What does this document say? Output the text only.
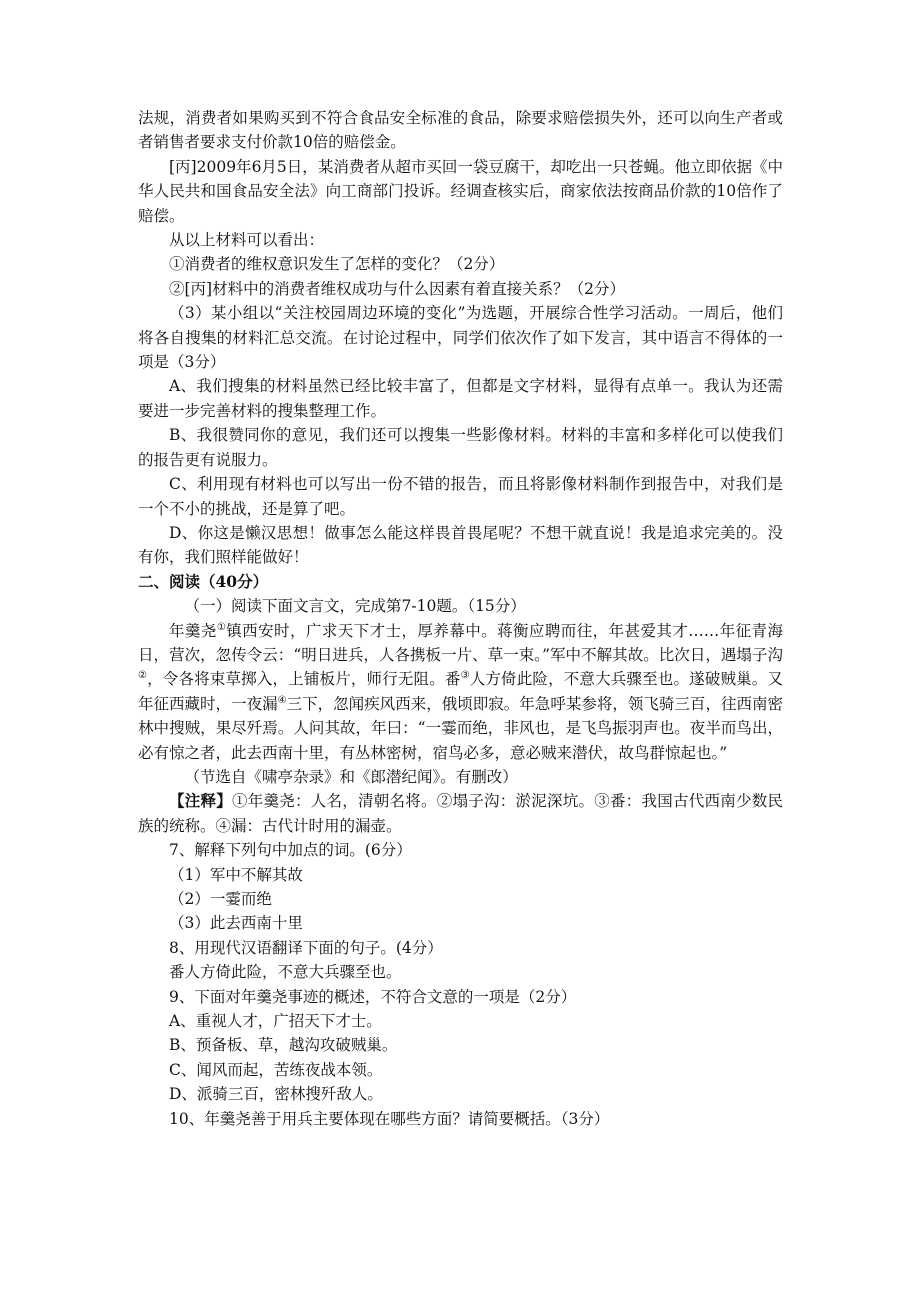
法规，消费者如果购买到不符合食品安全标准的食品，除要求赔偿损失外，还可以向生产者或者销售者要求支付价款10倍的赔偿金。

[丙]2009年6月5日，某消费者从超市买回一袋豆腐干，却吃出一只苍蝇。他立即依据《中华人民共和国食品安全法》向工商部门投诉。经调查核实后，商家依法按商品价款的10倍作了赔偿。

从以上材料可以看出：

①消费者的维权意识发生了怎样的变化？（2分）

②[丙]材料中的消费者维权成功与什么因素有着直接关系？（2分）

（3）某小组以“关注校园周边环境的变化”为选题，开展综合性学习活动。一周后，他们将各自搜集的材料汇总交流。在讨论过程中，同学们依次作了如下发言，其中语言不得体的一项是（3分）

A、我们搜集的材料虽然已经比较丰富了，但都是文字材料，显得有点单一。我认为还需要进一步完善材料的搜集整理工作。

B、我很赞同你的意见，我们还可以搜集一些影像材料。材料的丰富和多样化可以使我们的报告更有说服力。

C、利用现有材料也可以写出一份不错的报告，而且将影像材料制作到报告中，对我们是一个不小的挑战，还是算了吧。

D、你这是懒汉思想！做事怎么能这样畏首畏尾呢？不想干就直说！我是追求完美的。没有你，我们照样能做好！

二、阅读（40分）

（一）阅读下面文言文，完成第7-10题。（15分）

年羹尧①镇西安时，广求天下才士，厚养幕中。蒋衡应聘而往，年甚爱其才……年征青海日，营次，忽传令云：“明日进兵，人各携板一片、草一束。”军中不解其故。比次日，遇塌子沟②，令各将束草掷入，上铺板片，师行无阻。番③人方倚此险，不意大兵骤至也。遂破贼巢。又年征西藏时，一夜漏④三下，忽闻疾风西来，俄顷即寂。年急呼某参将，领飞骑三百，往西南密林中搜贼，果尽歼焉。人问其故，年曰：“一霎而绝，非风也，是飞鸟振羽声也。夜半而鸟出，必有惊之者，此去西南十里，有丛林密树，宿鸟必多，意必贼来潜伏，故鸟群惊起也。”

（节选自《啸亭杂录》和《郎潜纪闻》。有删改）

【注释】①年羹尧：人名，清朝名将。②塌子沟：淤泥深坑。③番：我国古代西南少数民族的统称。④漏：古代计时用的漏壶。

7、解释下列句中加点的词。(6分）

（1）军中不解其故

（2）一霎而绝

（3）此去西南十里

8、用现代汉语翻译下面的句子。(4分）

番人方倚此险，不意大兵骤至也。

9、下面对年羹尧事迹的概述，不符合文意的一项是（2分）

A、重视人才，广招天下才士。

B、预备板、草，越沟攻破贼巢。

C、闻风而起，苦练夜战本领。

D、派骑三百，密林搜歼敌人。

10、年羹尧善于用兵主要体现在哪些方面？请简要概括。（3分）
